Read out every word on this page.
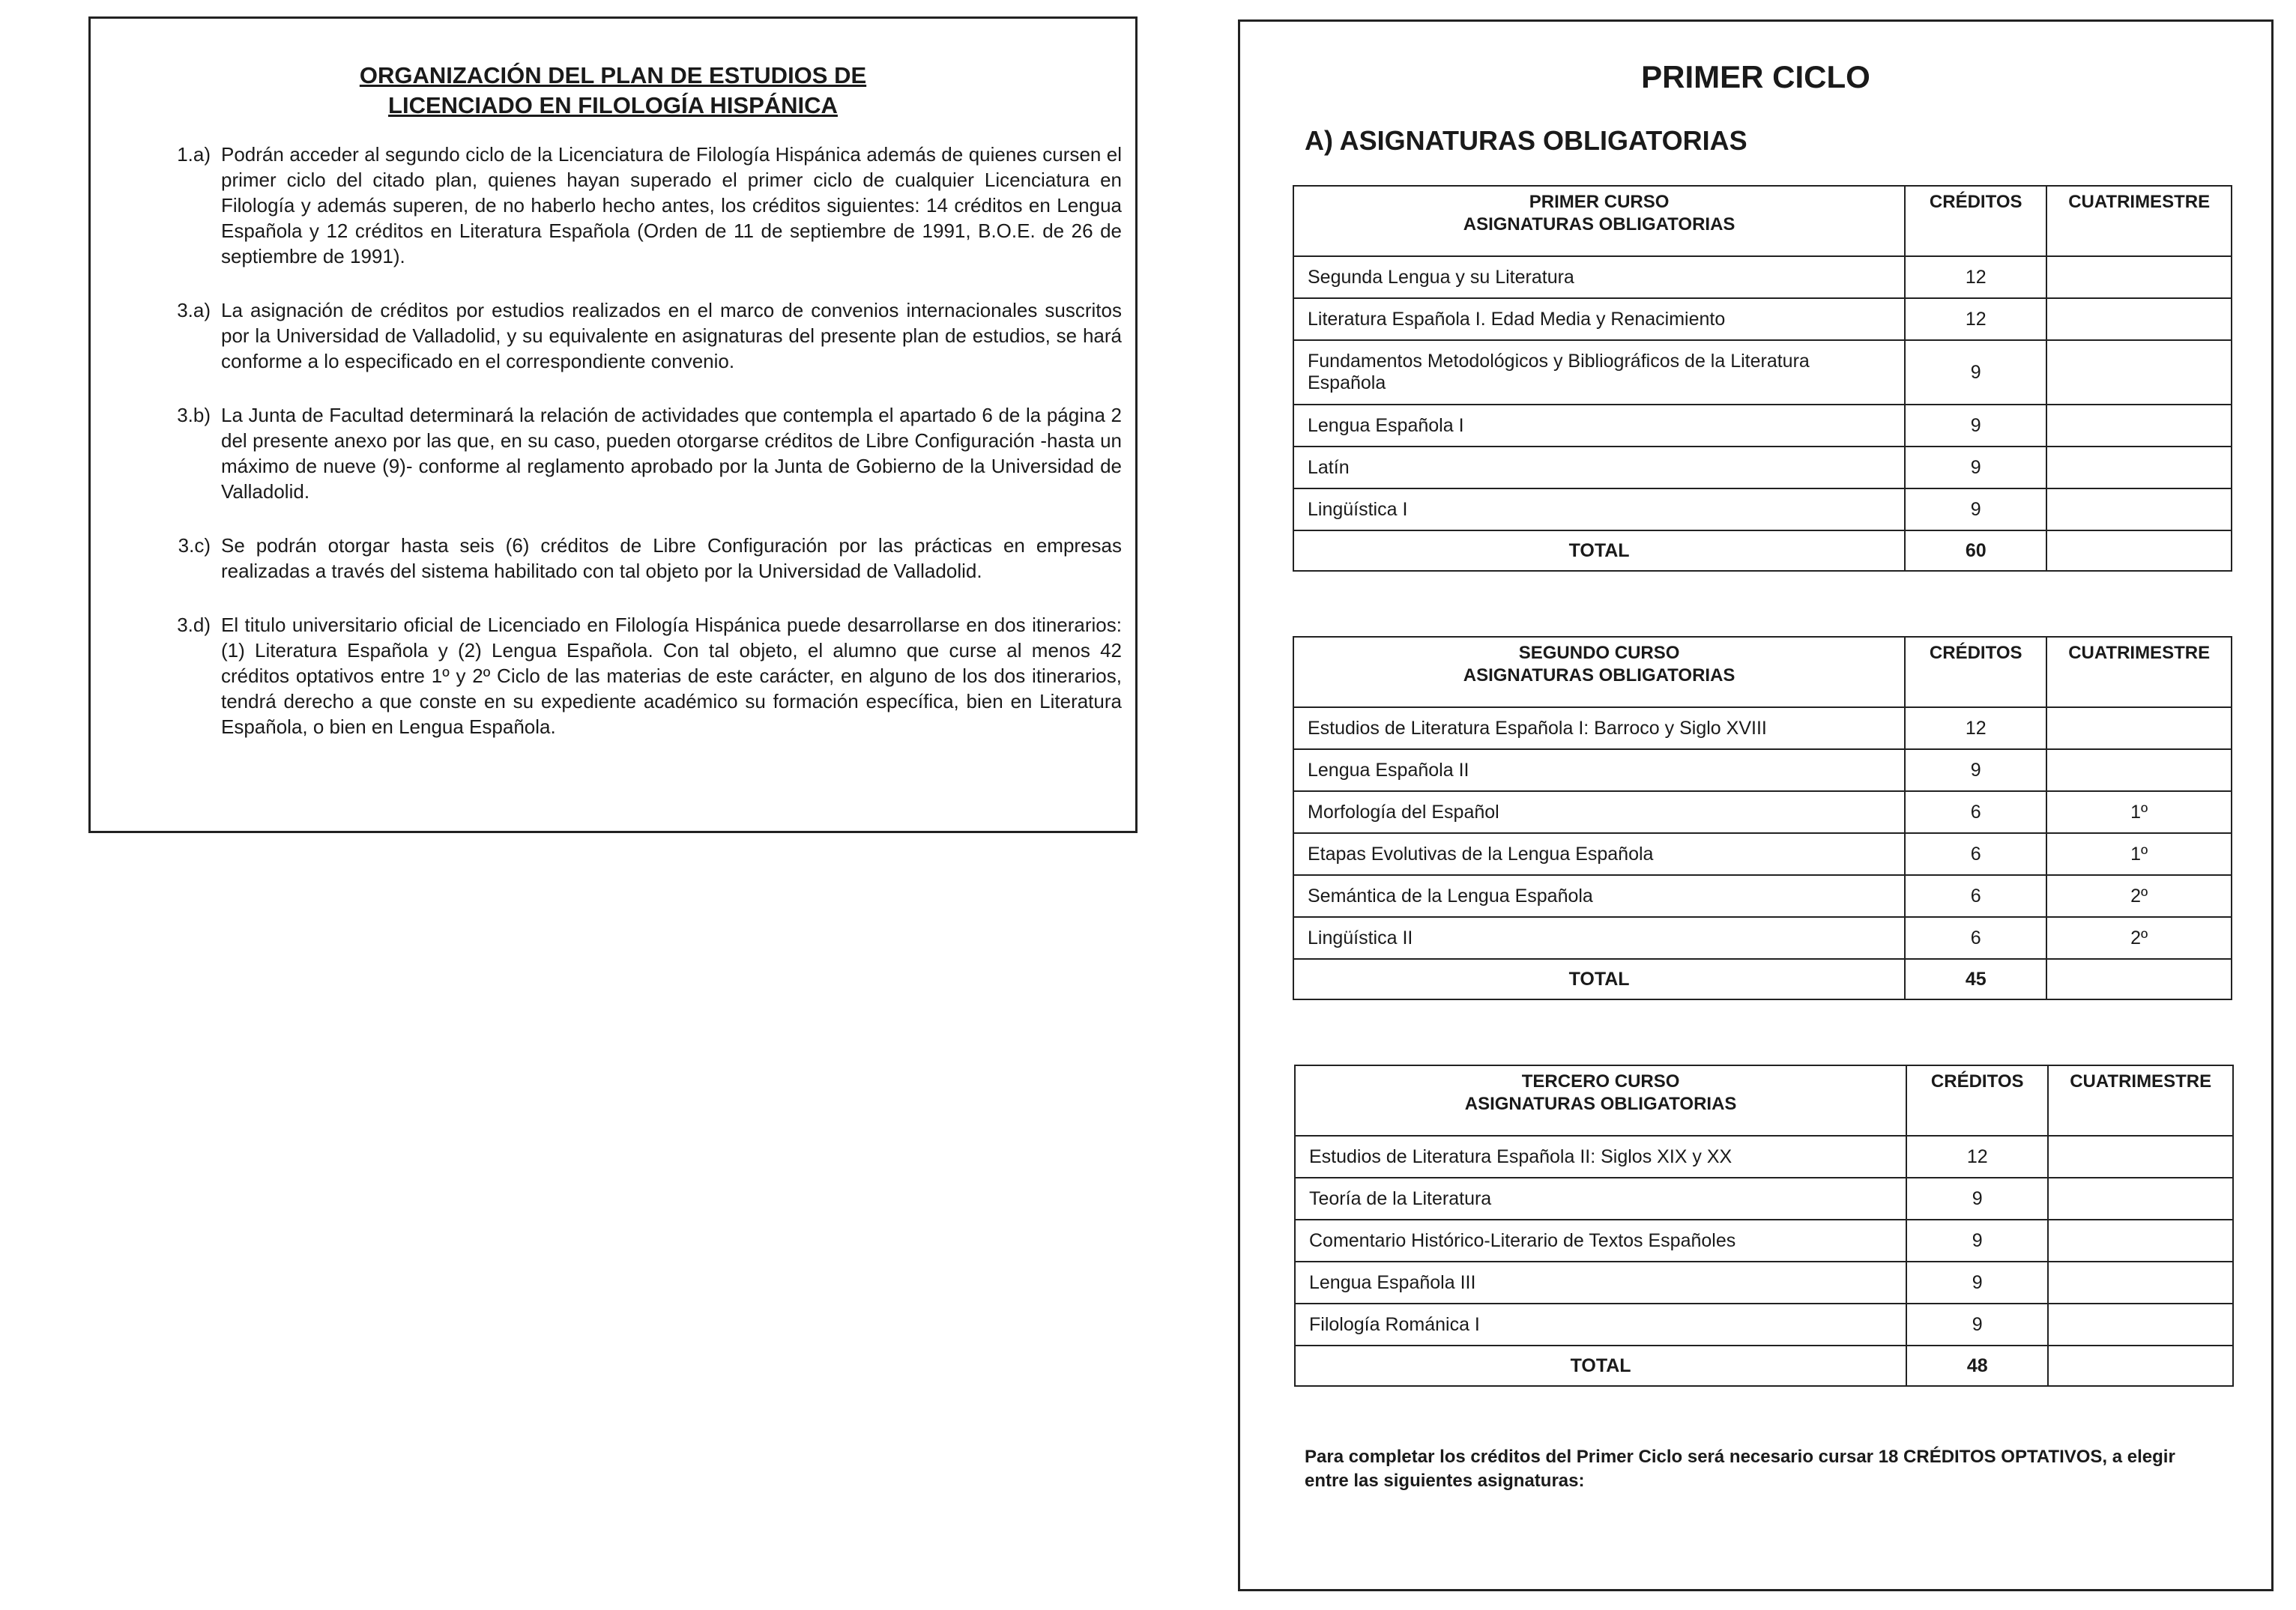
ORGANIZACIÓN DEL PLAN DE ESTUDIOS DE
LICENCIADO EN FILOLOGÍA HISPÁNICA
1.a) Podrán acceder al segundo ciclo de la Licenciatura de Filología Hispánica además de quienes cursen el primer ciclo del citado plan, quienes hayan superado el primer ciclo de cualquier Licenciatura en Filología y además superen, de no haberlo hecho antes, los créditos siguientes: 14 créditos en Lengua Española y 12 créditos en Literatura Española (Orden de 11 de septiembre de 1991, B.O.E. de 26 de septiembre de 1991).
3.a) La asignación de créditos por estudios realizados en el marco de convenios internacionales suscritos por la Universidad de Valladolid, y su equivalente en asignaturas del presente plan de estudios, se hará conforme a lo especificado en el correspondiente convenio.
3.b) La Junta de Facultad determinará la relación de actividades que contempla el apartado 6 de la página 2 del presente anexo por las que, en su caso, pueden otorgarse créditos de Libre Configuración -hasta un máximo de nueve (9)- conforme al reglamento aprobado por la Junta de Gobierno de la Universidad de Valladolid.
3.c) Se podrán otorgar hasta seis (6) créditos de Libre Configuración por las prácticas en empresas realizadas a través del sistema habilitado con tal objeto por la Universidad de Valladolid.
3.d) El titulo universitario oficial de Licenciado en Filología Hispánica puede desarrollarse en dos itinerarios: (1) Literatura Española y (2) Lengua Española. Con tal objeto, el alumno que curse al menos 42 créditos optativos entre 1º y 2º Ciclo de las materias de este carácter, en alguno de los dos itinerarios, tendrá derecho a que conste en su expediente académico su formación específica, bien en Literatura Española, o bien en Lengua Española.
PRIMER CICLO
A) ASIGNATURAS OBLIGATORIAS
PRIMER CURSO
ASIGNATURAS OBLIGATORIAS	CRÉDITOS	CUATRIMESTRE
Segunda Lengua y su Literatura	12	
Literatura Española I. Edad Media y Renacimiento	12	
Fundamentos Metodológicos y Bibliográficos de la Literatura Española	9	
Lengua Española I	9	
Latín	9	
Lingüística I	9	
TOTAL	60	
SEGUNDO CURSO
ASIGNATURAS OBLIGATORIAS	CRÉDITOS	CUATRIMESTRE
Estudios de Literatura Española I: Barroco y Siglo XVIII	12	
Lengua Española II	9	
Morfología del Español	6	1º
Etapas Evolutivas de la Lengua Española	6	1º
Semántica de la Lengua Española	6	2º
Lingüística II	6	2º
TOTAL	45	
TERCERO CURSO
ASIGNATURAS OBLIGATORIAS	CRÉDITOS	CUATRIMESTRE
Estudios de Literatura Española II: Siglos XIX y XX	12	
Teoría de la Literatura	9	
Comentario Histórico-Literario de Textos Españoles	9	
Lengua Española III	9	
Filología Románica I	9	
TOTAL	48	
Para completar los créditos del Primer Ciclo será necesario cursar 18 CRÉDITOS OPTATIVOS, a elegir entre las siguientes asignaturas:
